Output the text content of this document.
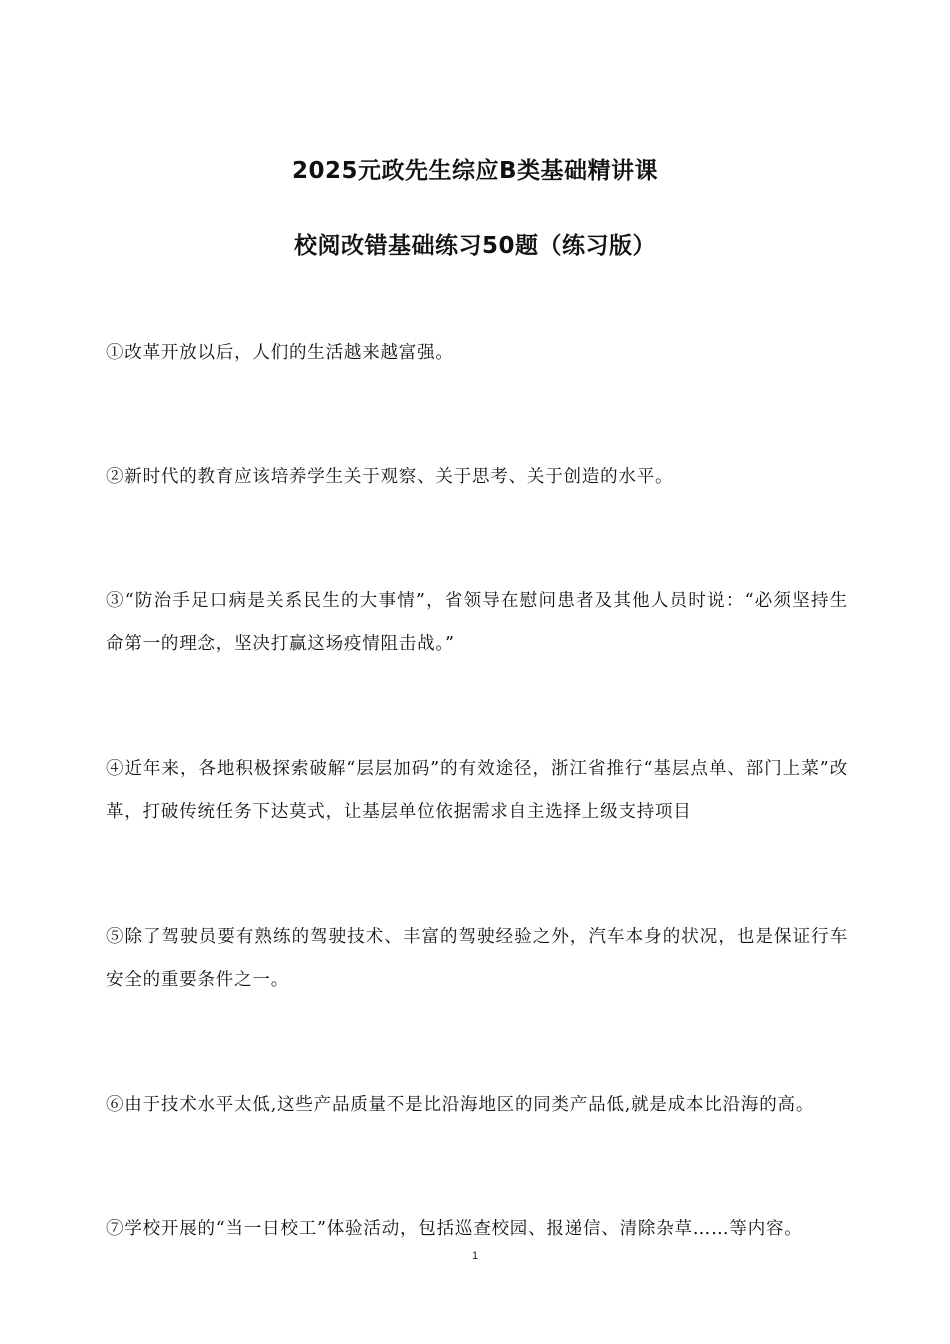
2025元政先生综应B类基础精讲课
校阅改错基础练习50题（练习版）

①改革开放以后，人们的生活越来越富强。

②新时代的教育应该培养学生关于观察、关于思考、关于创造的水平。

③“防治手足口病是关系民生的大事情”，省领导在慰问患者及其他人员时说：“必须坚持生命第一的理念，坚决打赢这场疫情阻击战。”

④近年来，各地积极探索破解“层层加码”的有效途径，浙江省推行“基层点单、部门上菜”改革，打破传统任务下达莫式，让基层单位依据需求自主选择上级支持项目

⑤除了驾驶员要有熟练的驾驶技术、丰富的驾驶经验之外，汽车本身的状况，也是保证行车安全的重要条件之一。

⑥由于技术水平太低,这些产品质量不是比沿海地区的同类产品低,就是成本比沿海的高。

⑦学校开展的“当一日校工”体验活动，包括巡查校园、报递信、清除杂草……等内容。

1
